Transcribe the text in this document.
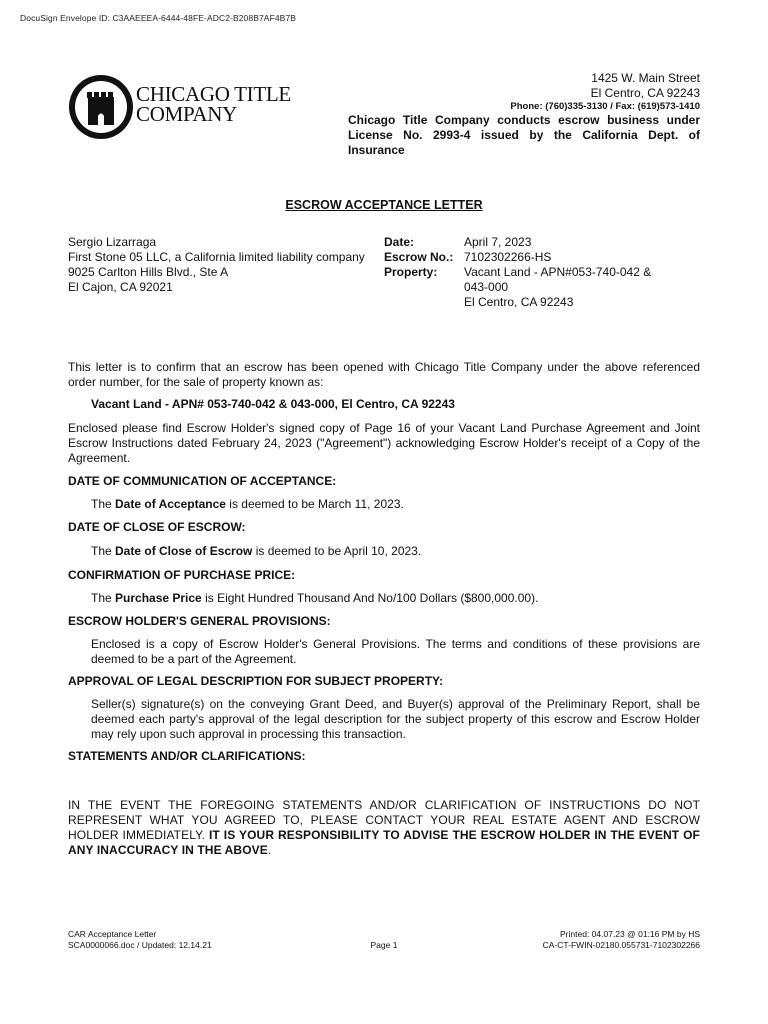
DocuSign Envelope ID: C3AAEEEA-6444-48FE-ADC2-B208B7AF4B7B
CHICAGO TITLE
COMPANY
1425 W. Main Street
El Centro, CA 92243
Phone: (760)335-3130 / Fax: (619)573-1410
Chicago Title Company conducts escrow business under License No. 2993-4 issued by the California Dept. of Insurance
ESCROW ACCEPTANCE LETTER
Sergio Lizarraga
First Stone 05 LLC, a California limited liability company
9025 Carlton Hills Blvd., Ste A
El Cajon, CA 92021
Date:	April 7, 2023
Escrow No.:	7102302266-HS
Property:	Vacant Land - APN#053-740-042 &
043-000
El Centro, CA 92243
This letter is to confirm that an escrow has been opened with Chicago Title Company under the above referenced order number, for the sale of property known as:
Vacant Land - APN# 053-740-042 & 043-000, El Centro, CA 92243
Enclosed please find Escrow Holder's signed copy of Page 16 of your Vacant Land Purchase Agreement and Joint Escrow Instructions dated February 24, 2023 ("Agreement") acknowledging Escrow Holder's receipt of a Copy of the Agreement.
DATE OF COMMUNICATION OF ACCEPTANCE:
The Date of Acceptance is deemed to be March 11, 2023.
DATE OF CLOSE OF ESCROW:
The Date of Close of Escrow is deemed to be April 10, 2023.
CONFIRMATION OF PURCHASE PRICE:
The Purchase Price is Eight Hundred Thousand And No/100 Dollars ($800,000.00).
ESCROW HOLDER'S GENERAL PROVISIONS:
Enclosed is a copy of Escrow Holder's General Provisions. The terms and conditions of these provisions are deemed to be a part of the Agreement.
APPROVAL OF LEGAL DESCRIPTION FOR SUBJECT PROPERTY:
Seller(s) signature(s) on the conveying Grant Deed, and Buyer(s) approval of the Preliminary Report, shall be deemed each party's approval of the legal description for the subject property of this escrow and Escrow Holder may rely upon such approval in processing this transaction.
STATEMENTS AND/OR CLARIFICATIONS:
IN THE EVENT THE FOREGOING STATEMENTS AND/OR CLARIFICATION OF INSTRUCTIONS DO NOT REPRESENT WHAT YOU AGREED TO, PLEASE CONTACT YOUR REAL ESTATE AGENT AND ESCROW HOLDER IMMEDIATELY. IT IS YOUR RESPONSIBILITY TO ADVISE THE ESCROW HOLDER IN THE EVENT OF ANY INACCURACY IN THE ABOVE.
CAR Acceptance Letter
SCA0000066.doc / Updated: 12.14.21	Page 1
Printed: 04.07.23 @ 01:16 PM by HS
CA-CT-FWIN-02180.055731-7102302266
